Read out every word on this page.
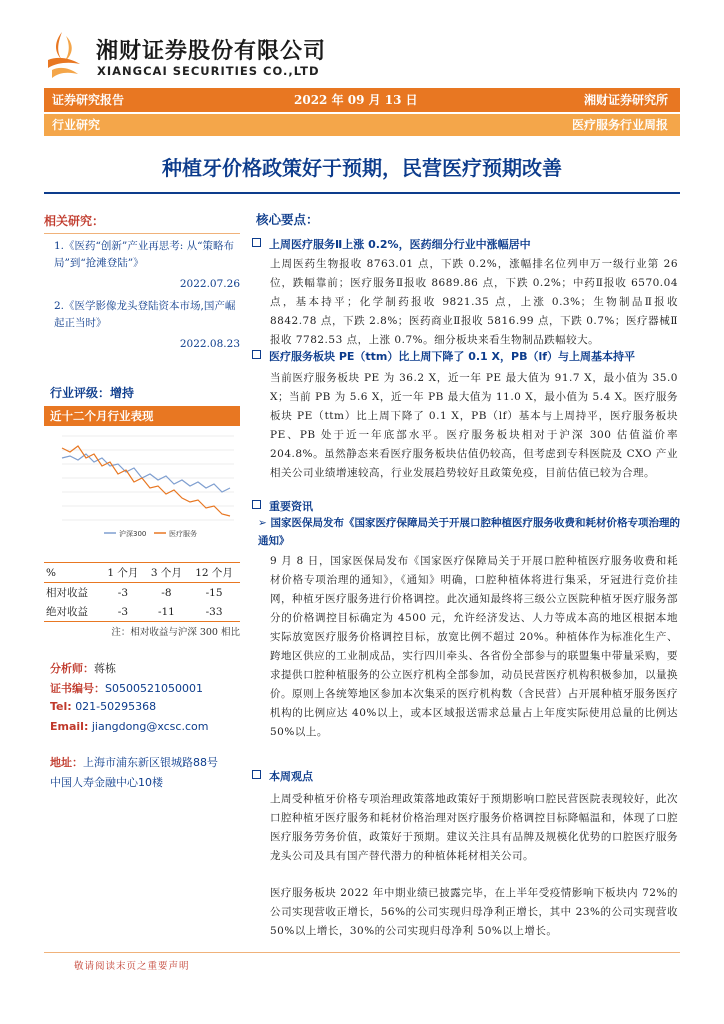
湘财证券股份有限公司
XIANGCAI SECURITIES CO.,LTD
证券研究报告	2022 年 09 月 13 日	湘财证券研究所
行业研究	医疗服务行业周报
种植牙价格政策好于预期，民营医疗预期改善
相关研究：
1.《医药“创新”产业再思考: 从“策略布局”到“抢滩登陆”》
2022.07.26
2.《医学影像龙头登陆资本市场,国产崛起正当时》
2022.08.23
行业评级：增持
近十二个月行业表现
沪深300	医疗服务
%	1 个月	3 个月	12 个月
相对收益	-3	-8	-15
绝对收益	-3	-11	-33
注：相对收益与沪深 300 相比
分析师：蒋栋
证书编号：S0500521050001
Tel: 021-50295368
Email: jiangdong@xcsc.com
地址：上海市浦东新区银城路88号
中国人寿金融中心10楼
核心要点：
上周医疗服务Ⅱ上涨 0.2%，医药细分行业中涨幅居中
上周医药生物报收 8763.01 点，下跌 0.2%，涨幅排名位列申万一级行业第 26 位，跌幅靠前；医疗服务Ⅱ报收 8689.86 点，下跌 0.2%；中药Ⅱ报收 6570.04 点，基本持平；化学制药报收 9821.35 点，上涨 0.3%；生物制品Ⅱ报收 8842.78 点，下跌 2.8%；医药商业Ⅱ报收 5816.99 点，下跌 0.7%；医疗器械Ⅱ报收 7782.53 点，上涨 0.7%。细分板块来看生物制品跌幅较大。
医疗服务板块 PE（ttm）比上周下降了 0.1 X，PB（lf）与上周基本持平
当前医疗服务板块 PE 为 36.2 X，近一年 PE 最大值为 91.7 X，最小值为 35.0 X；当前 PB 为 5.6 X，近一年 PB 最大值为 11.0 X，最小值为 5.4 X。医疗服务板块 PE（ttm）比上周下降了 0.1 X，PB（lf）基本与上周持平，医疗服务板块 PE、PB 处于近一年底部水平。医疗服务板块相对于沪深 300 估值溢价率 204.8%。虽然静态来看医疗服务板块估值仍较高，但考虑到专科医院及 CXO 产业相关公司业绩增速较高，行业发展趋势较好且政策免疫，目前估值已较为合理。
重要资讯
➢ 国家医保局发布《国家医疗保障局关于开展口腔种植医疗服务收费和耗材价格专项治理的通知》
9 月 8 日，国家医保局发布《国家医疗保障局关于开展口腔种植医疗服务收费和耗材价格专项治理的通知》，《通知》明确，口腔种植体将进行集采，牙冠进行竞价挂网，种植牙医疗服务进行价格调控。此次通知最终将三级公立医院种植牙医疗服务部分的价格调控目标确定为 4500 元，允许经济发达、人力等成本高的地区根据本地实际放宽医疗服务价格调控目标，放宽比例不超过 20%。种植体作为标准化生产、跨地区供应的工业制成品，实行四川牵头、各省份全部参与的联盟集中带量采购，要求提供口腔种植服务的公立医疗机构全部参加，动员民营医疗机构积极参加，以量换价。原则上各统筹地区参加本次集采的医疗机构数（含民营）占开展种植牙服务医疗机构的比例应达 40%以上，或本区域报送需求总量占上年度实际使用总量的比例达 50%以上。
本周观点
上周受种植牙价格专项治理政策落地政策好于预期影响口腔民营医院表现较好，此次口腔种植牙医疗服务和耗材价格治理对医疗服务价格调控目标降幅温和，体现了口腔医疗服务劳务价值，政策好于预期。建议关注具有品牌及规模化优势的口腔医疗服务龙头公司及具有国产替代潜力的种植体耗材相关公司。
医疗服务板块 2022 年中期业绩已披露完毕，在上半年受疫情影响下板块内 72%的公司实现营收正增长，56%的公司实现归母净利正增长，其中 23%的公司实现营收 50%以上增长，30%的公司实现归母净利 50%以上增长。
敬请阅读末页之重要声明
